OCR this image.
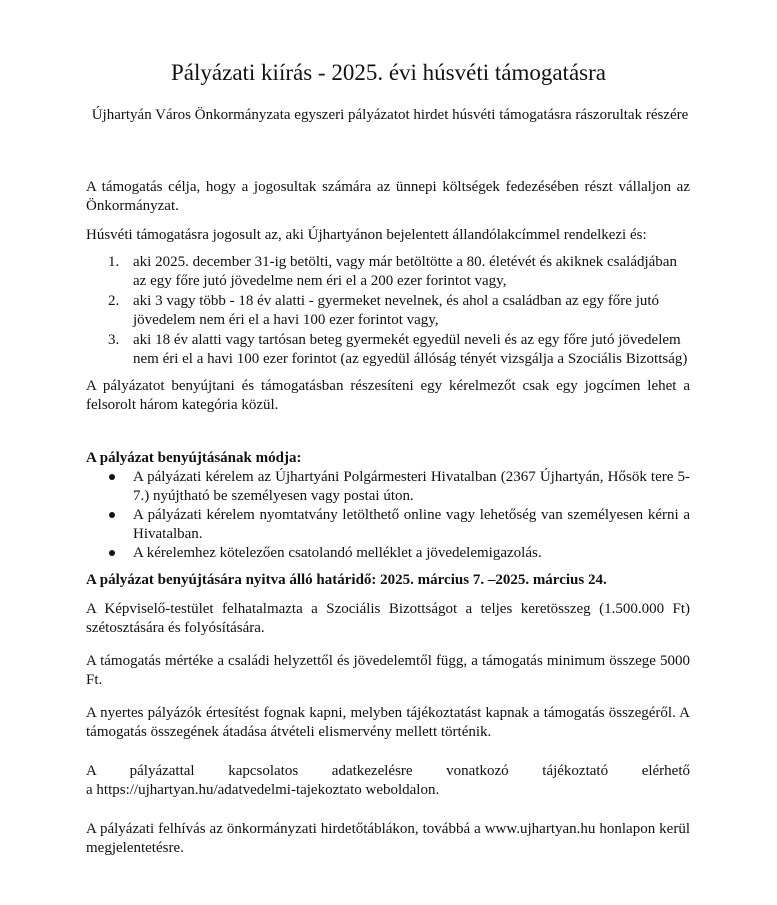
Pályázati kiírás - 2025. évi húsvéti támogatásra
Újhartyán Város Önkormányzata egyszeri pályázatot hirdet húsvéti támogatásra rászorultak részére

A támogatás célja, hogy a jogosultak számára az ünnepi költségek fedezésében részt vállaljon az Önkormányzat.

Húsvéti támogatásra jogosult az, aki Újhartyánon bejelentett állandólakcímmel rendelkezi és:

1. aki 2025. december 31-ig betölti, vagy már betöltötte a 80. életévét és akiknek családjában az egy főre jutó jövedelme nem éri el a 200 ezer forintot vagy,
2. aki 3 vagy több - 18 év alatti - gyermeket nevelnek, és ahol a családban az egy főre jutó jövedelem nem éri el a havi 100 ezer forintot vagy,
3. aki 18 év alatti vagy tartósan beteg gyermekét egyedül neveli és az egy főre jutó jövedelem nem éri el a havi 100 ezer forintot (az egyedül állóság tényét vizsgálja a Szociális Bizottság)

A pályázatot benyújtani és támogatásban részesíteni egy kérelmezőt csak egy jogcímen lehet a felsorolt három kategória közül.

A pályázat benyújtásának módja:

A pályázati kérelem az Újhartyáni Polgármesteri Hivatalban (2367 Újhartyán, Hősök tere 5-7.) nyújtható be személyesen vagy postai úton.
A pályázati kérelem nyomtatvány letölthető online vagy lehetőség van személyesen kérni a Hivatalban.
A kérelemhez kötelezően csatolandó melléklet a jövedelemigazolás.

A pályázat benyújtására nyitva álló határidő: 2025. március 7. –2025. március 24.

A Képviselő-testület felhatalmazta a Szociális Bizottságot a teljes keretösszeg (1.500.000 Ft) szétosztására és folyósítására.

A támogatás mértéke a családi helyzettől és jövedelemtől függ, a támogatás minimum összege 5000 Ft.

A nyertes pályázók értesítést fognak kapni, melyben tájékoztatást kapnak a támogatás összegéről. A támogatás összegének átadása átvételi elismervény mellett történik.

A pályázattal kapcsolatos adatkezelésre vonatkozó tájékoztató elérhető

a https://ujhartyan.hu/adatvedelmi-tajekoztato weboldalon.

A pályázati felhívás az önkormányzati hirdetőtáblákon, továbbá a www.ujhartyan.hu honlapon kerül megjelentetésre.
